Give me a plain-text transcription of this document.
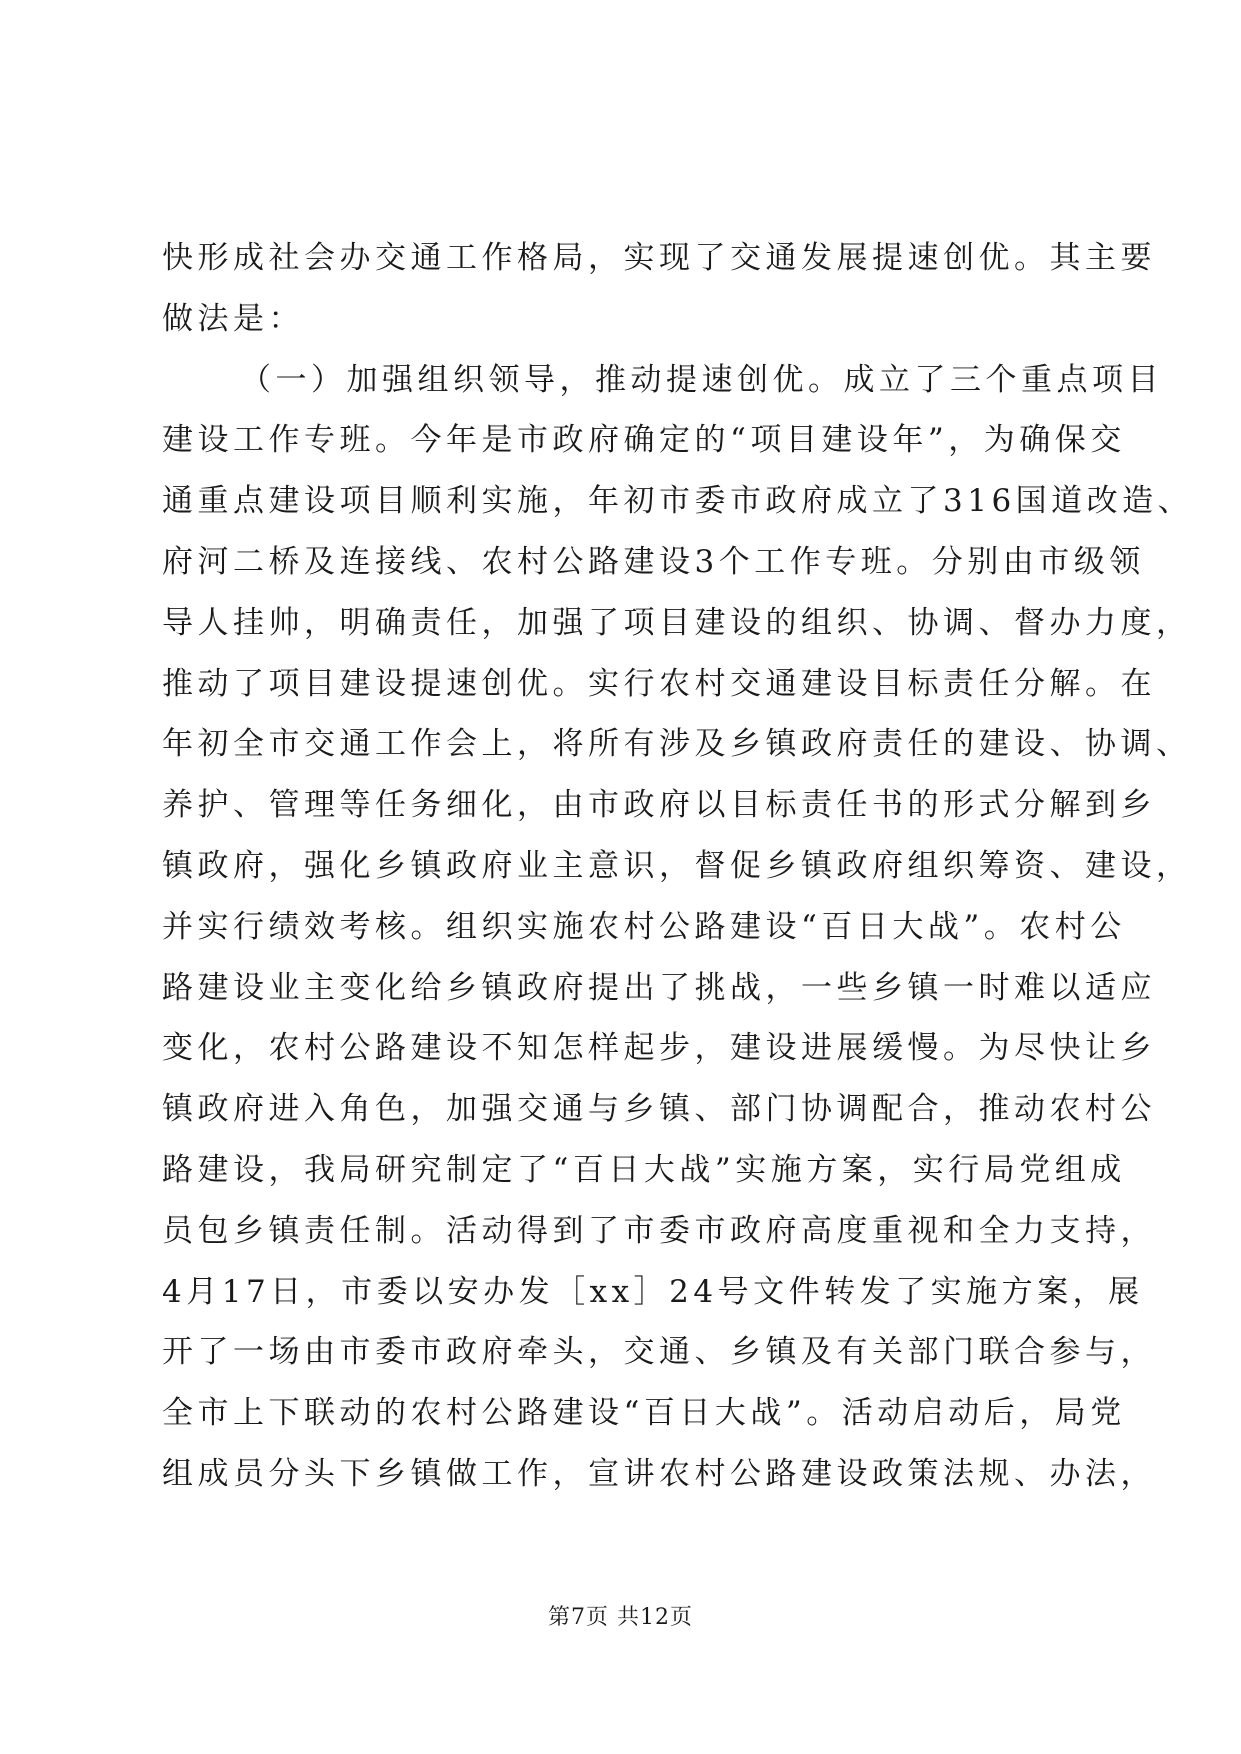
快形成社会办交通工作格局，实现了交通发展提速创优。其主要
做法是：
（一）加强组织领导，推动提速创优。成立了三个重点项目
建设工作专班。今年是市政府确定的“项目建设年”，为确保交
通重点建设项目顺利实施，年初市委市政府成立了316国道改造、
府河二桥及连接线、农村公路建设3个工作专班。分别由市级领
导人挂帅，明确责任，加强了项目建设的组织、协调、督办力度，
推动了项目建设提速创优。实行农村交通建设目标责任分解。在
年初全市交通工作会上，将所有涉及乡镇政府责任的建设、协调、
养护、管理等任务细化，由市政府以目标责任书的形式分解到乡
镇政府，强化乡镇政府业主意识，督促乡镇政府组织筹资、建设，
并实行绩效考核。组织实施农村公路建设“百日大战”。农村公
路建设业主变化给乡镇政府提出了挑战，一些乡镇一时难以适应
变化，农村公路建设不知怎样起步，建设进展缓慢。为尽快让乡
镇政府进入角色，加强交通与乡镇、部门协调配合，推动农村公
路建设，我局研究制定了“百日大战”实施方案，实行局党组成
员包乡镇责任制。活动得到了市委市政府高度重视和全力支持，
4月17日，市委以安办发［xx］24号文件转发了实施方案，展
开了一场由市委市政府牵头，交通、乡镇及有关部门联合参与，
全市上下联动的农村公路建设“百日大战”。活动启动后，局党
组成员分头下乡镇做工作，宣讲农村公路建设政策法规、办法，
第7页 共12页
